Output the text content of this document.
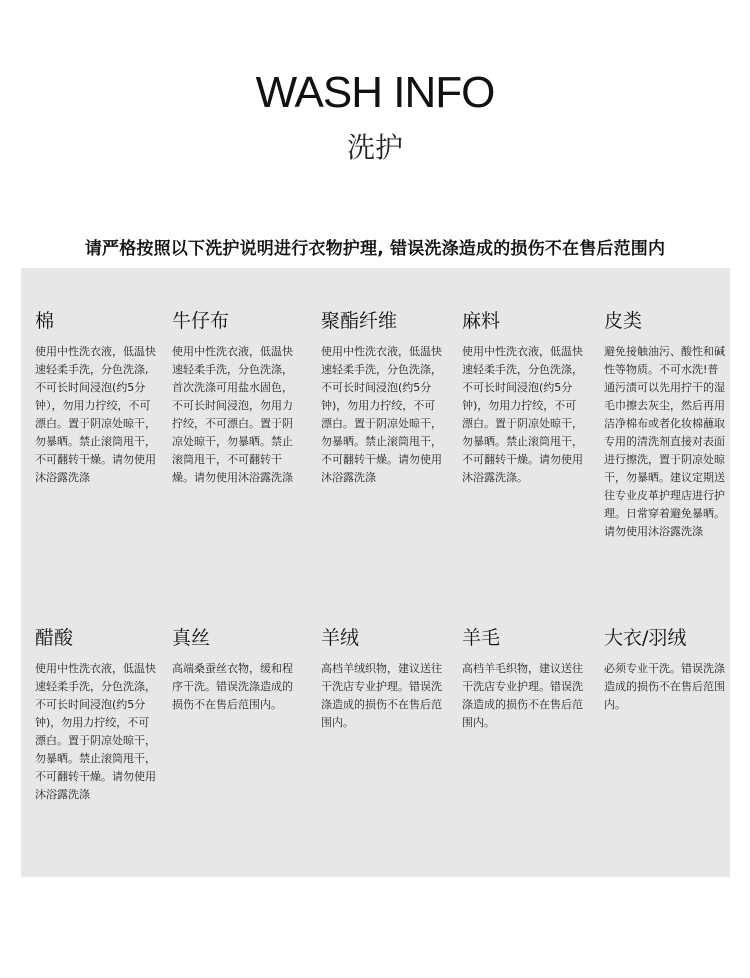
WASH INFO
洗护
请严格按照以下洗护说明进行衣物护理, 错误洗涤造成的损伤不在售后范围内
棉
使用中性洗衣液，低温快速轻柔手洗，分色洗涤,不可长时间浸泡(约5分钟），勿用力拧绞，不可漂白。置于阴凉处晾干，勿暴晒。禁止滚筒甩干，不可翻转干燥。请勿使用沐浴露洗涤
牛仔布
使用中性洗衣液，低温快速轻柔手洗，分色洗涤，首次洗涤可用盐水固色，不可长时间浸泡，勿用力拧绞，不可漂白。置于阴凉处晾干，勿暴晒。禁止滚筒甩干，不可翻转干燥。请勿使用沐浴露洗涤
聚酯纤维
使用中性洗衣液，低温快速轻柔手洗，分色洗涤，不可长时间浸泡(约5分钟)，勿用力拧绞，不可漂白。置于阴凉处晾干，勿暴晒。禁止滚筒甩干，不可翻转干燥。请勿使用沐浴露洗涤
麻料
使用中性洗衣液，低温快速轻柔手洗，分色洗涤，不可长时间浸泡(约5分钟)，勿用力拧绞，不可漂白。置于阴凉处晾干，勿暴晒。禁止滚筒甩干，不可翻转干燥。请勿使用沐浴露洗涤。
皮类
避免接触油污、酸性和碱性等物质。不可水洗!普通污渍可以先用拧干的湿毛巾擦去灰尘，然后再用洁净棉布或者化妆棉蘸取专用的清洗剂直接对表面进行擦洗，置于阴凉处晾干，勿暴晒。建议定期送往专业皮革护理店进行护理。日常穿着避免暴晒。请勿使用沐浴露洗涤
醋酸
使用中性洗衣液，低温快速轻柔手洗，分色洗涤，不可长时间浸泡(约5分钟)，勿用力拧绞，不可漂白。置于阴凉处晾干，勿暴晒。禁止滚筒甩干，不可翻转干燥。请勿使用沐浴露洗涤
真丝
高端桑蚕丝衣物，缓和程序干洗。错误洗涤造成的损伤不在售后范围内。
羊绒
高档羊绒织物，建议送往干洗店专业护理。错误洗涤造成的损伤不在售后范围内。
羊毛
高档羊毛织物，建议送往干洗店专业护理。错误洗涤造成的损伤不在售后范围内。
大衣/羽绒
必须专业干洗。错误洗涤造成的损伤不在售后范围内。
